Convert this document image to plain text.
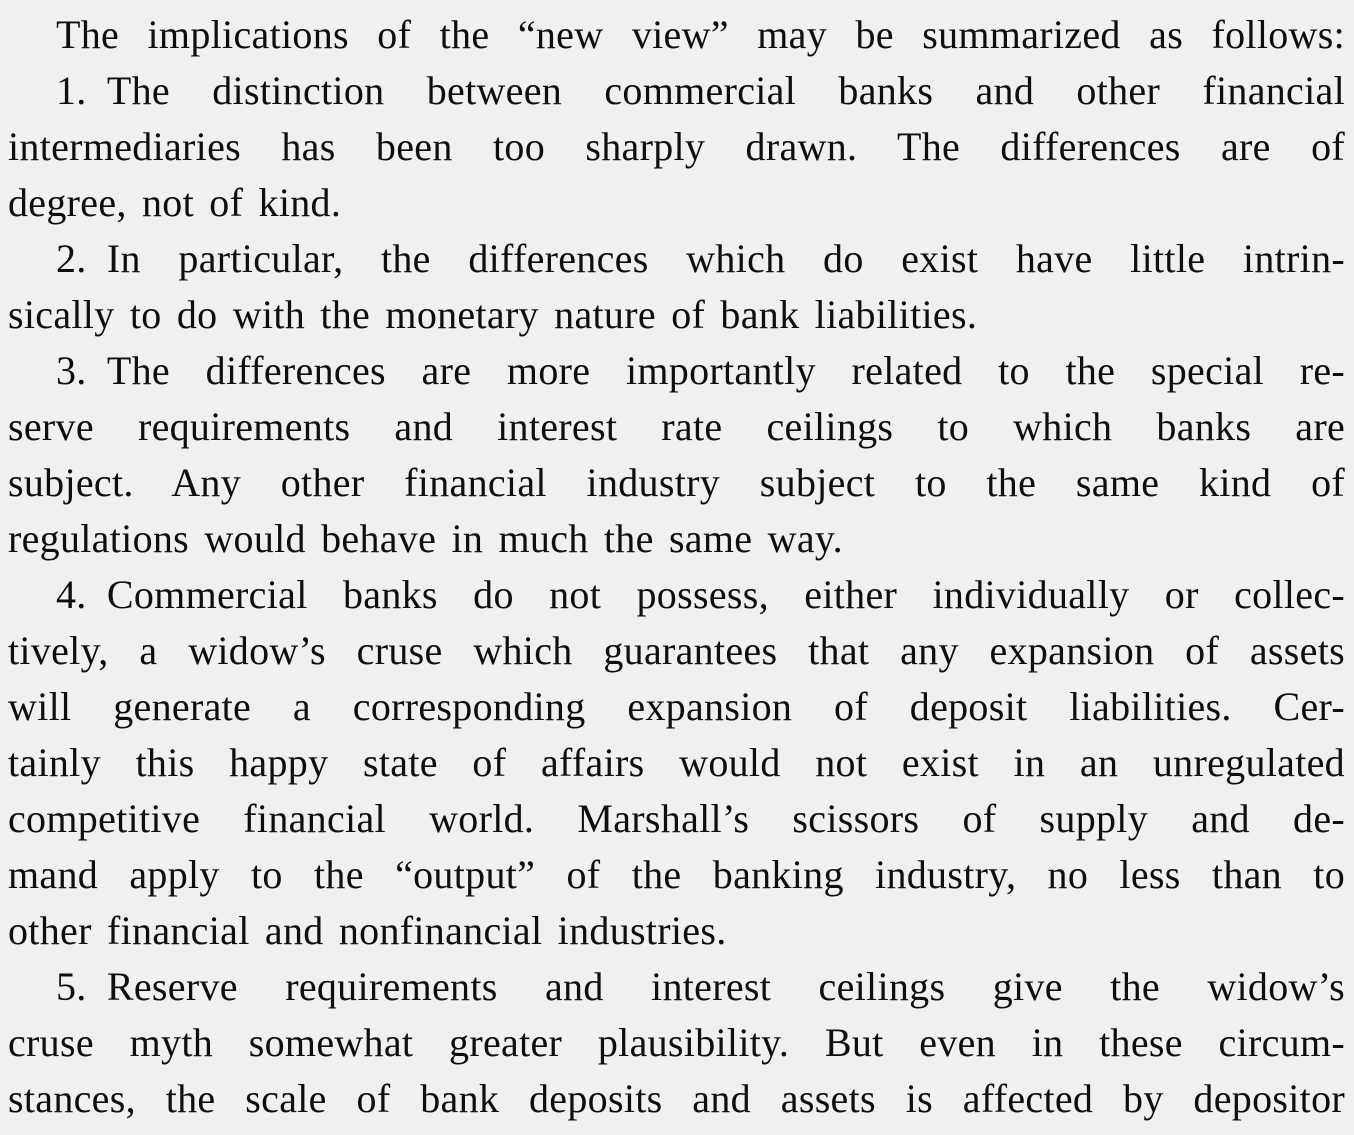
The implications of the “new view” may be summarized as follows:
1. The distinction between commercial banks and other financial
intermediaries has been too sharply drawn. The differences are of
degree, not of kind.
2. In particular, the differences which do exist have little intrin-
sically to do with the monetary nature of bank liabilities.
3. The differences are more importantly related to the special re-
serve requirements and interest rate ceilings to which banks are
subject. Any other financial industry subject to the same kind of
regulations would behave in much the same way.
4. Commercial banks do not possess, either individually or collec-
tively, a widow’s cruse which guarantees that any expansion of assets
will generate a corresponding expansion of deposit liabilities. Cer-
tainly this happy state of affairs would not exist in an unregulated
competitive financial world. Marshall’s scissors of supply and de-
mand apply to the “output” of the banking industry, no less than to
other financial and nonfinancial industries.
5. Reserve requirements and interest ceilings give the widow’s
cruse myth somewhat greater plausibility. But even in these circum-
stances, the scale of bank deposits and assets is affected by depositor
